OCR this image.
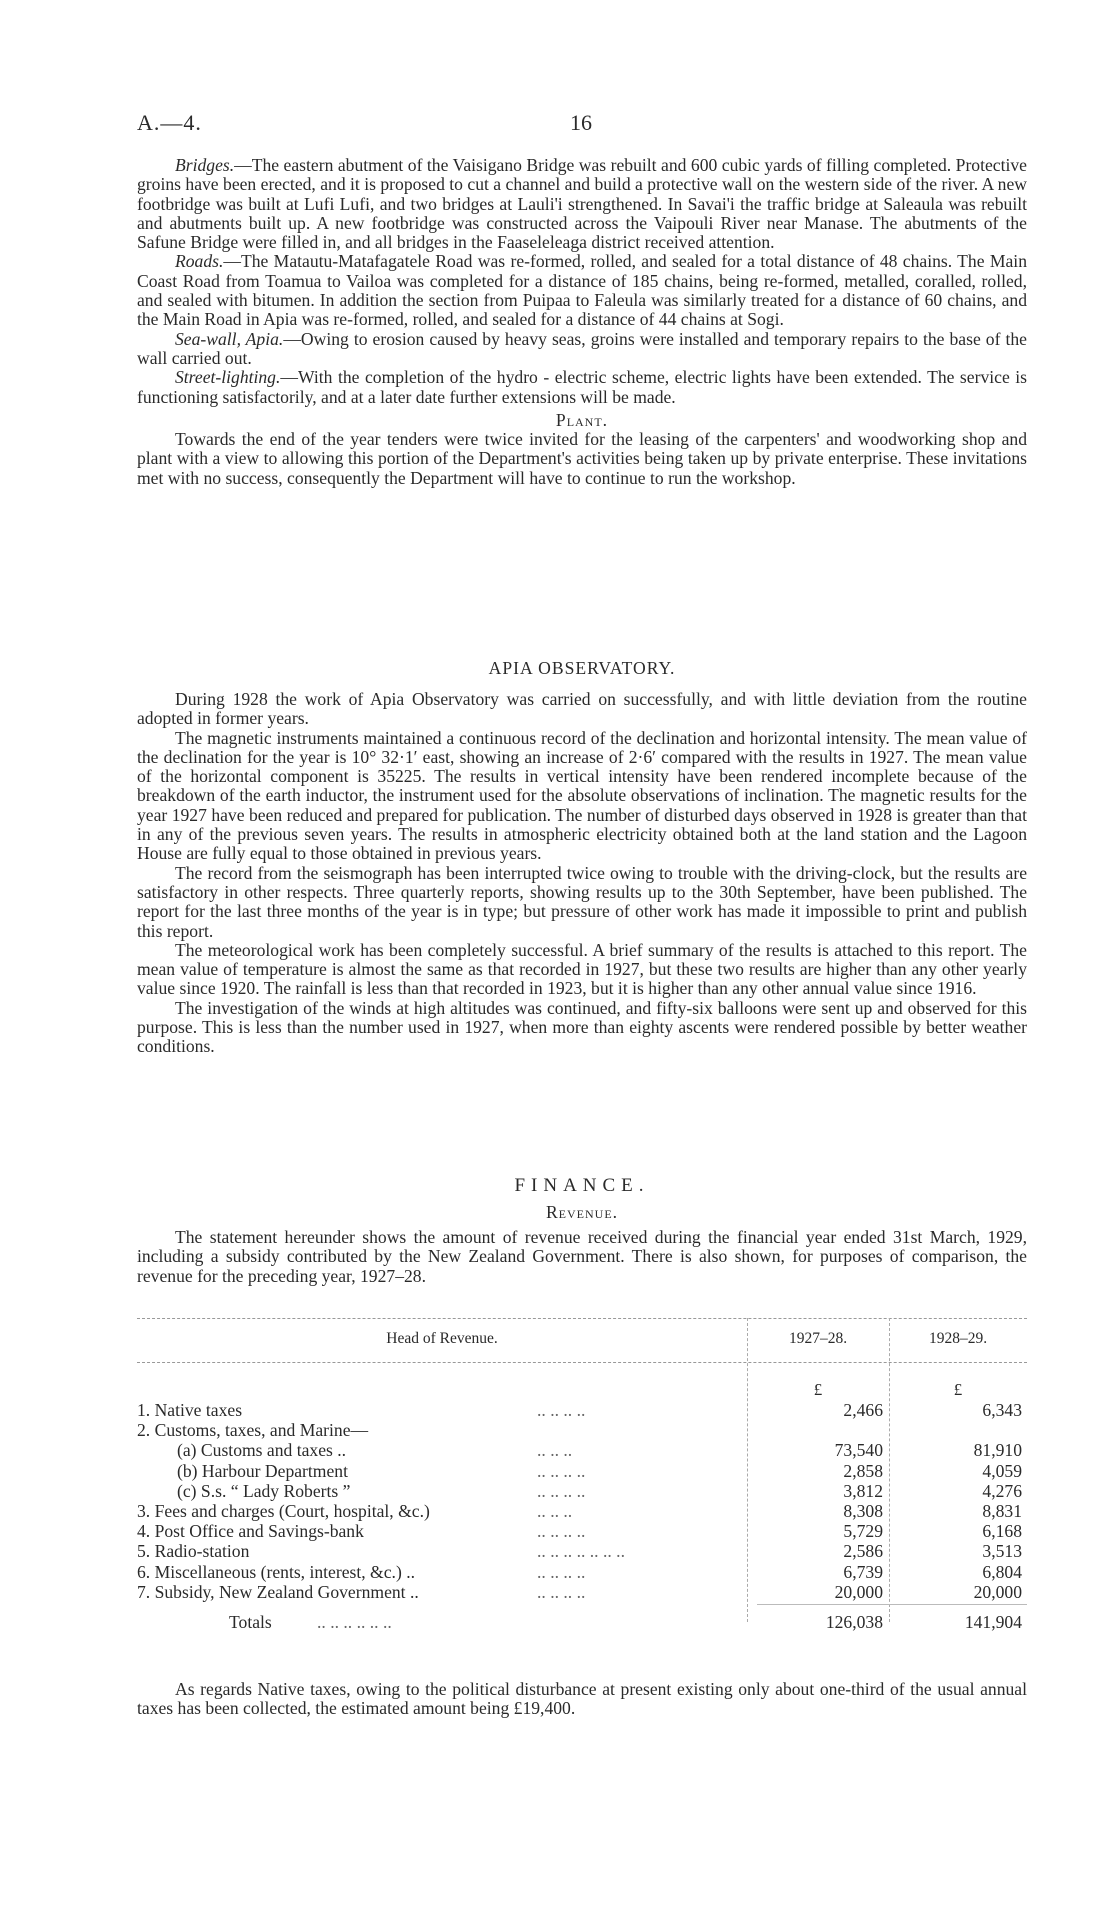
A.—4.	16

Bridges.—The eastern abutment of the Vaisigano Bridge was rebuilt and 600 cubic yards of filling completed. Protective groins have been erected, and it is proposed to cut a channel and build a protective wall on the western side of the river. A new footbridge was built at Lufi Lufi, and two bridges at Lauli'i strengthened. In Savai'i the traffic bridge at Saleaula was rebuilt and abutments built up. A new footbridge was constructed across the Vaipouli River near Manase. The abutments of the Safune Bridge were filled in, and all bridges in the Faaseleleaga district received attention.

Roads.—The Matautu-Matafagatele Road was re-formed, rolled, and sealed for a total distance of 48 chains. The Main Coast Road from Toamua to Vailoa was completed for a distance of 185 chains, being re-formed, metalled, coralled, rolled, and sealed with bitumen. In addition the section from Puipaa to Faleula was similarly treated for a distance of 60 chains, and the Main Road in Apia was re-formed, rolled, and sealed for a distance of 44 chains at Sogi.

Sea-wall, Apia.—Owing to erosion caused by heavy seas, groins were installed and temporary repairs to the base of the wall carried out.

Street-lighting.—With the completion of the hydro - electric scheme, electric lights have been extended. The service is functioning satisfactorily, and at a later date further extensions will be made.

Plant.

Towards the end of the year tenders were twice invited for the leasing of the carpenters' and woodworking shop and plant with a view to allowing this portion of the Department's activities being taken up by private enterprise. These invitations met with no success, consequently the Department will have to continue to run the workshop.

APIA OBSERVATORY.

During 1928 the work of Apia Observatory was carried on successfully, and with little deviation from the routine adopted in former years.

The magnetic instruments maintained a continuous record of the declination and horizontal intensity. The mean value of the declination for the year is 10° 32·1′ east, showing an increase of 2·6′ compared with the results in 1927. The mean value of the horizontal component is 35225. The results in vertical intensity have been rendered incomplete because of the breakdown of the earth inductor, the instrument used for the absolute observations of inclination. The magnetic results for the year 1927 have been reduced and prepared for publication. The number of disturbed days observed in 1928 is greater than that in any of the previous seven years. The results in atmospheric electricity obtained both at the land station and the Lagoon House are fully equal to those obtained in previous years.

The record from the seismograph has been interrupted twice owing to trouble with the driving-clock, but the results are satisfactory in other respects. Three quarterly reports, showing results up to the 30th September, have been published. The report for the last three months of the year is in type; but pressure of other work has made it impossible to print and publish this report.

The meteorological work has been completely successful. A brief summary of the results is attached to this report. The mean value of temperature is almost the same as that recorded in 1927, but these two results are higher than any other yearly value since 1920. The rainfall is less than that recorded in 1923, but it is higher than any other annual value since 1916.

The investigation of the winds at high altitudes was continued, and fifty-six balloons were sent up and observed for this purpose. This is less than the number used in 1927, when more than eighty ascents were rendered possible by better weather conditions.

FINANCE.
Revenue.

The statement hereunder shows the amount of revenue received during the financial year ended 31st March, 1929, including a subsidy contributed by the New Zealand Government. There is also shown, for purposes of comparison, the revenue for the preceding year, 1927–28.

Head of Revenue.	1927–28.	1928–29.
£	£
1. Native taxes	.. .. .. ..	2,466	6,343
2. Customs, taxes, and Marine—
(a) Customs and taxes ..	.. .. ..	73,540	81,910
(b) Harbour Department	.. .. .. ..	2,858	4,059
(c) S.s. “ Lady Roberts ”	.. .. .. ..	3,812	4,276
3. Fees and charges (Court, hospital, &c.)	.. .. ..	8,308	8,831
4. Post Office and Savings-bank	.. .. .. ..	5,729	6,168
5. Radio-station	.. .. .. .. .. .. ..	2,586	3,513
6. Miscellaneous (rents, interest, &c.) ..	.. .. .. ..	6,739	6,804
7. Subsidy, New Zealand Government ..	.. .. .. ..	20,000	20,000
Totals	.. .. .. .. .. ..	126,038	141,904

As regards Native taxes, owing to the political disturbance at present existing only about one-third of the usual annual taxes has been collected, the estimated amount being £19,400.
